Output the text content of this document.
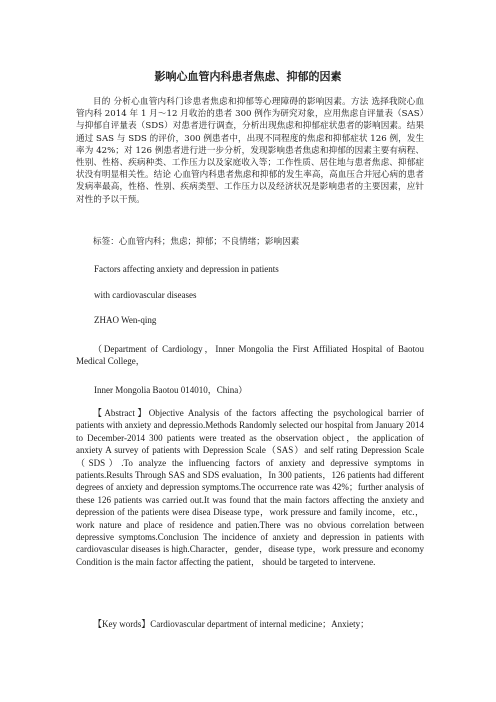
影响心血管内科患者焦虑、抑郁的因素
目的 分析心血管内科门诊患者焦虑和抑郁等心理障碍的影响因素。方法 选择我院心血管内科 2014 年 1 月～12 月收治的患者 300 例作为研究对象，应用焦虑自评量表（SAS）与抑郁自评量表（SDS）对患者进行调查，分析出现焦虑和抑郁症状患者的影响因素。结果 通过 SAS 与 SDS 的评价，300 例患者中，出现不同程度的焦虑和抑郁症状 126 例，发生率为 42%；对 126 例患者进行进一步分析，发现影响患者焦虑和抑郁的因素主要有病程、性别、性格、疾病种类、工作压力以及家庭收入等；工作性质、居住地与患者焦虑、抑郁症状没有明显相关性。结论 心血管内科患者焦虑和抑郁的发生率高，高血压合并冠心病的患者发病率最高，性格、性别、疾病类型、工作压力以及经济状况是影响患者的主要因素，应针对性的予以干预。
标签：心血管内科；焦虑；抑郁；不良情绪；影响因素
Factors affecting anxiety and depression in patients
with cardiovascular diseases
ZHAO Wen-qing
（Department of Cardiology，Inner Mongolia the First Affiliated Hospital of Baotou Medical College，
Inner Mongolia Baotou 014010，China）
【Abstract】Objective Analysis of the factors affecting the psychological barrier of patients with anxiety and depressio.Methods Randomly selected our hospital from January 2014 to December-2014 300 patients were treated as the observation object，the application of anxiety A survey of patients with Depression Scale（SAS）and self rating Depression Scale （SDS）.To analyze the influencing factors of anxiety and depressive symptoms in patients.Results Through SAS and SDS evaluation，In 300 patients，126 patients had different degrees of anxiety and depression symptoms.The occurrence rate was 42%；further analysis of these 126 patients was carried out.It was found that the main factors affecting the anxiety and depression of the patients were disea Disease type，work pressure and family income，etc.，work nature and place of residence and patien.There was no obvious correlation between depressive symptoms.Conclusion The incidence of anxiety and depression in patients with cardiovascular diseases is high.Character，gender，disease type，work pressure and economy Condition is the main factor affecting the patient， should be targeted to intervene.
【Key words】Cardiovascular department of internal medicine；Anxiety；
